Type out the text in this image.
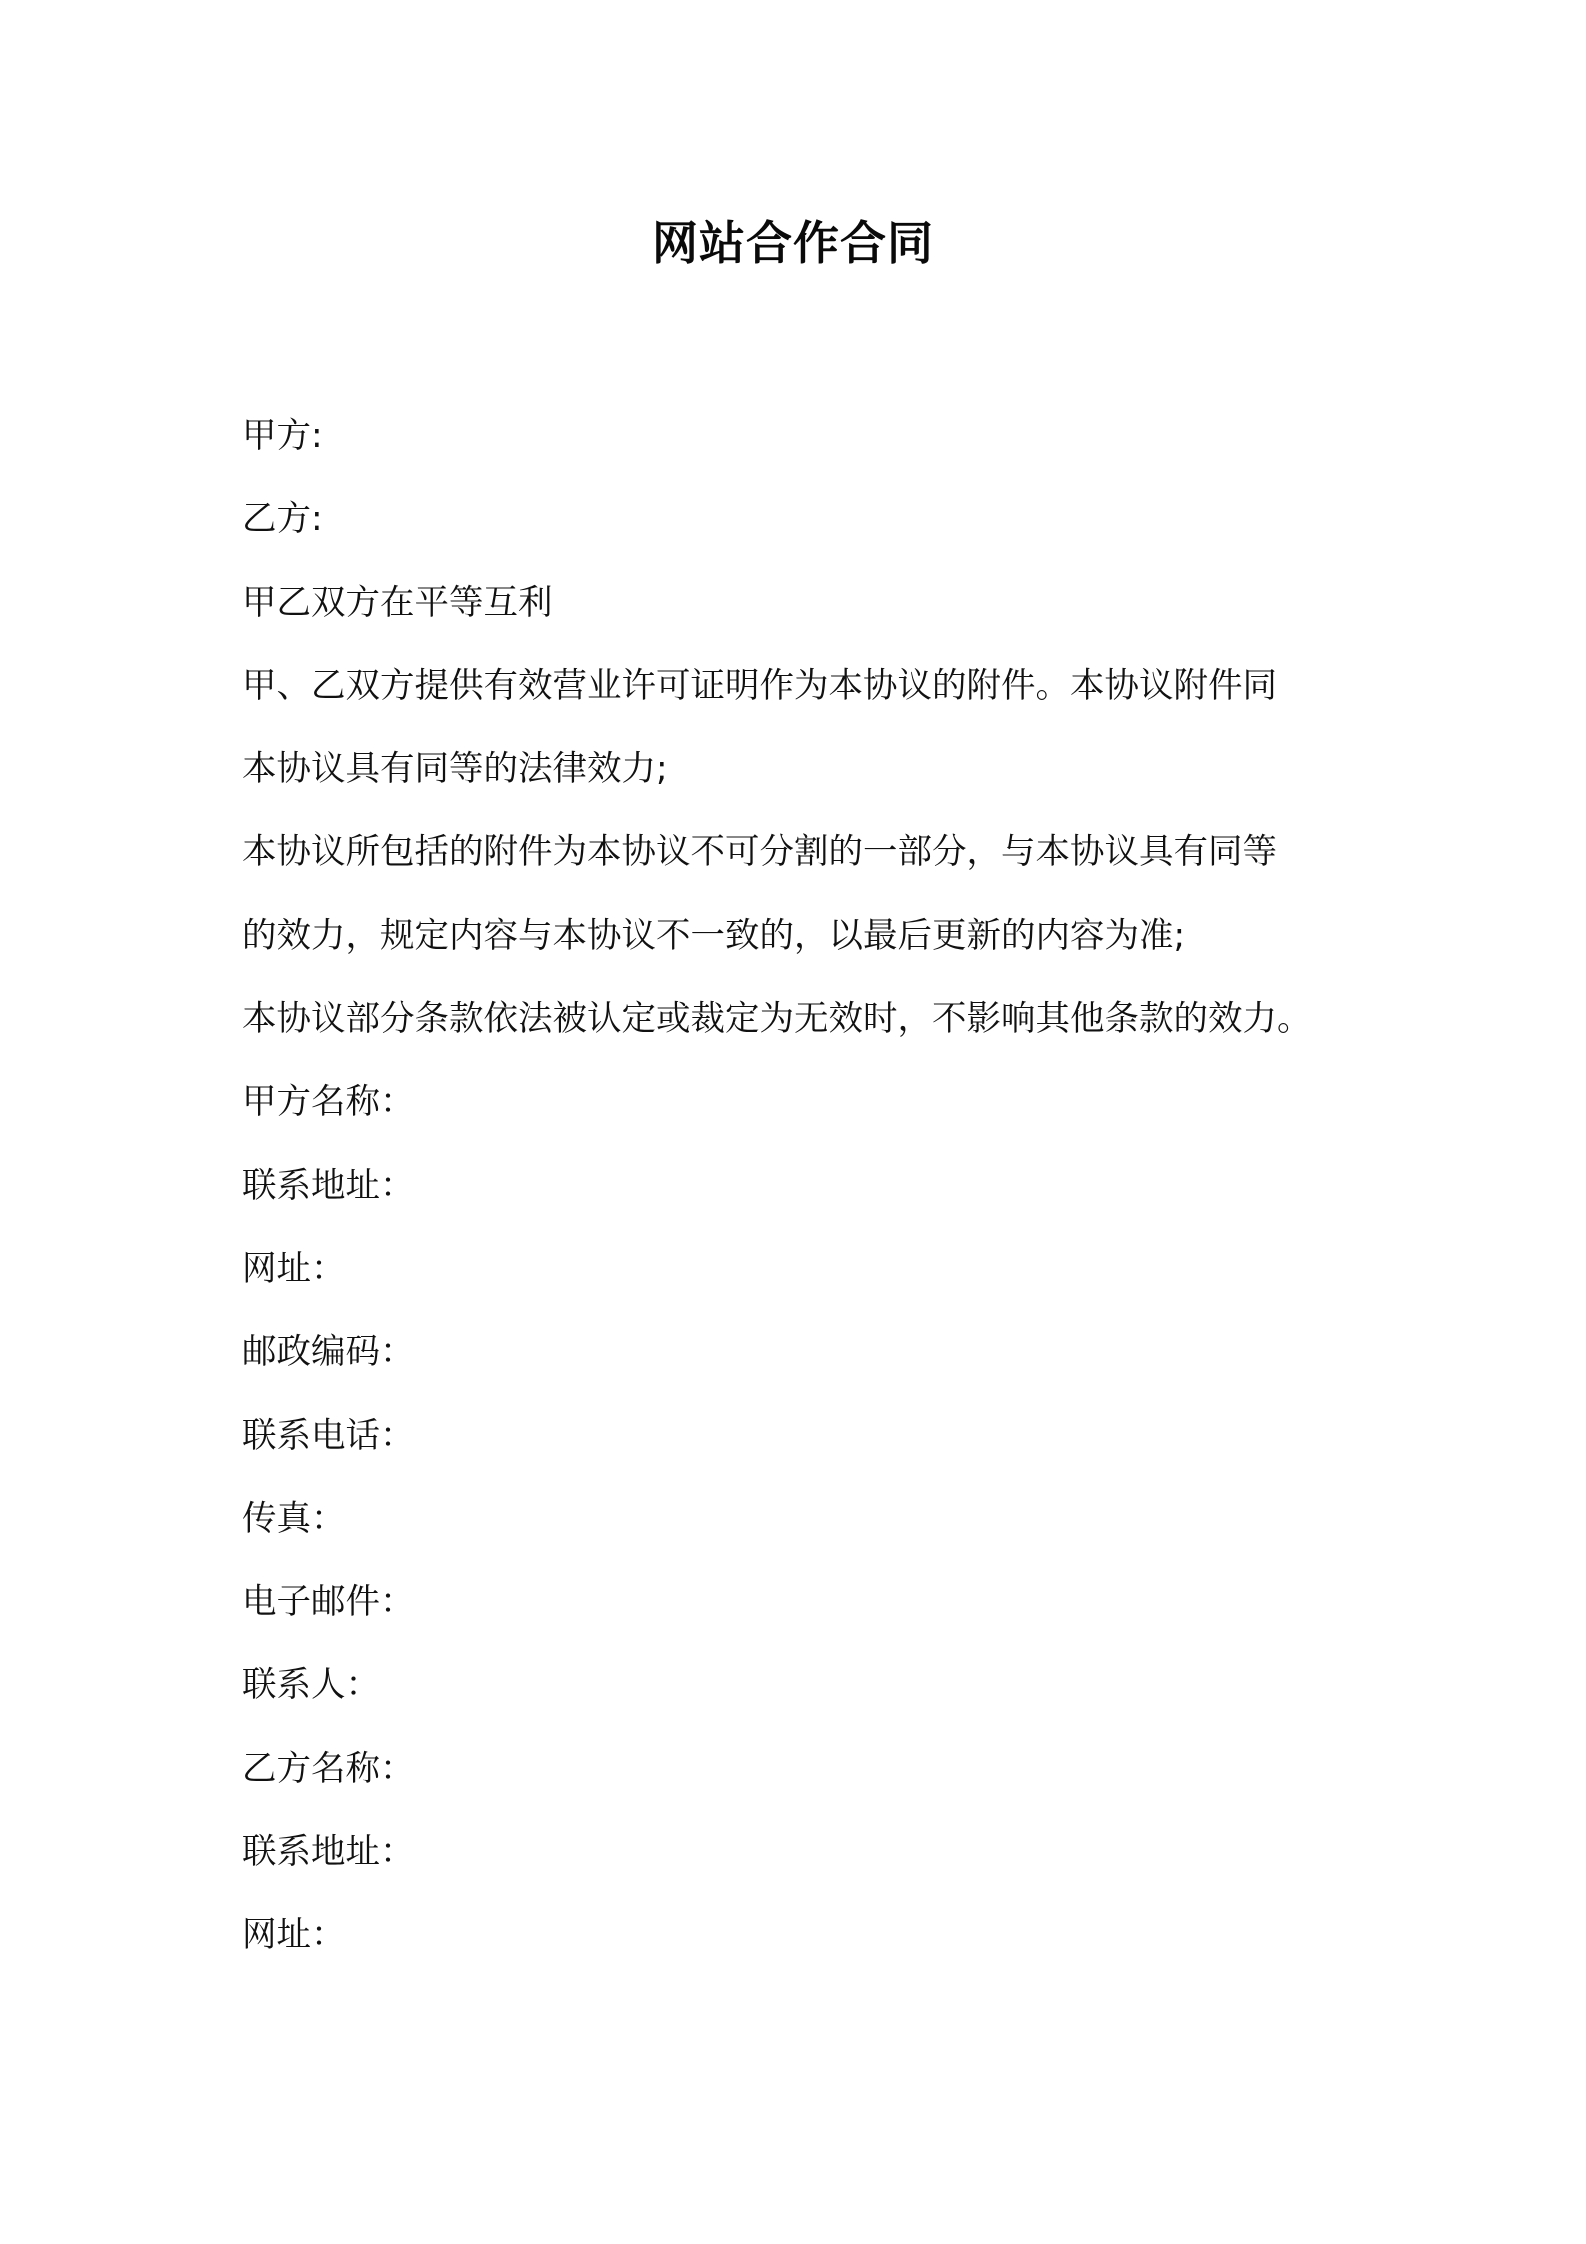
网站合作合同
甲方:
乙方:
甲乙双方在平等互利
甲、乙双方提供有效营业许可证明作为本协议的附件。本协议附件同
本协议具有同等的法律效力;
本协议所包括的附件为本协议不可分割的一部分，与本协议具有同等
的效力，规定内容与本协议不一致的，以最后更新的内容为准;
本协议部分条款依法被认定或裁定为无效时，不影响其他条款的效力。
甲方名称：
联系地址：
网址：
邮政编码：
联系电话：
传真：
电子邮件：
联系人：
乙方名称：
联系地址：
网址：
